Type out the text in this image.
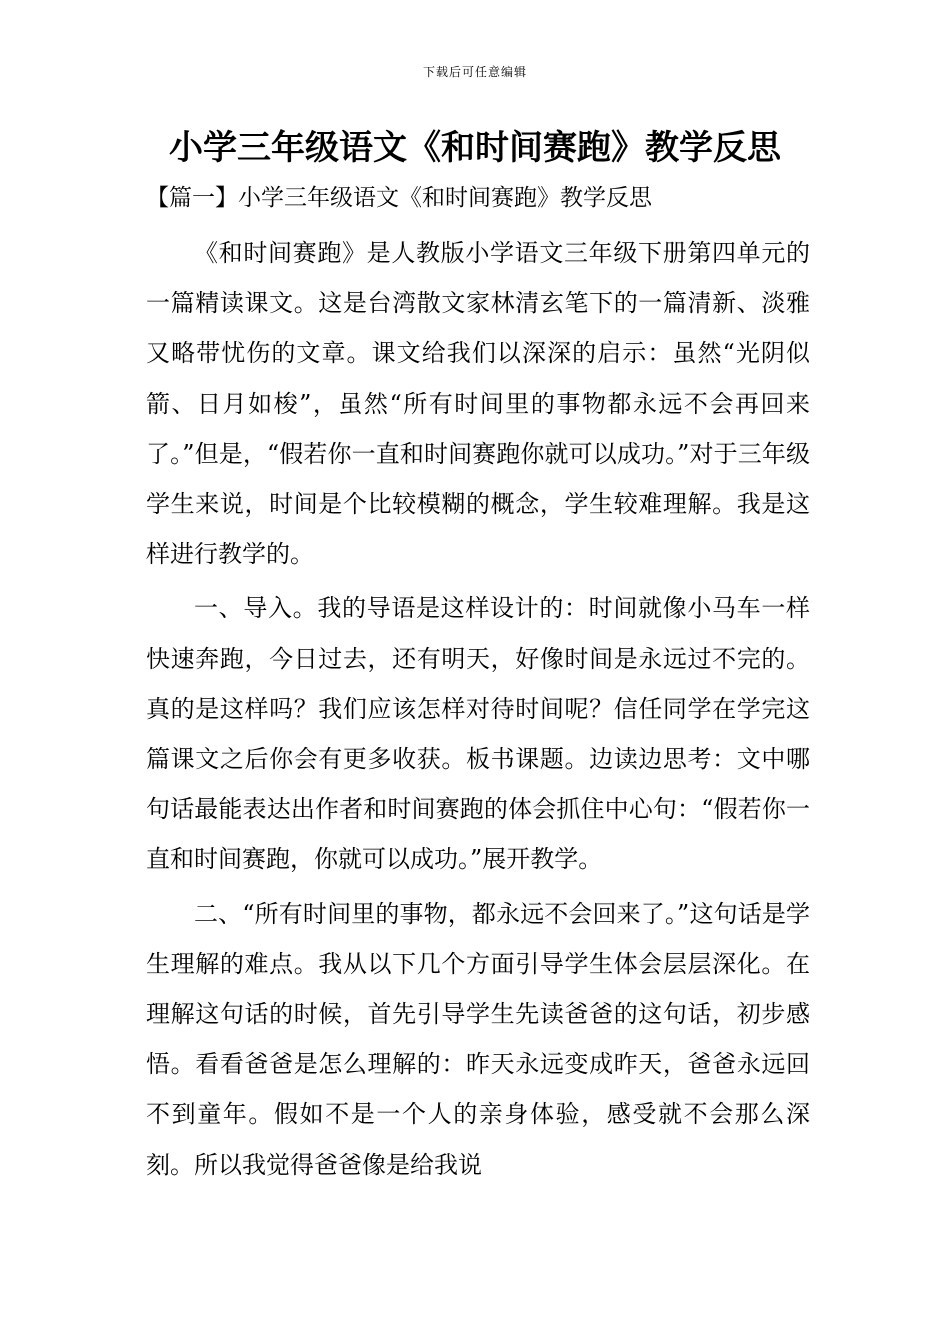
下载后可任意编辑
小学三年级语文《和时间赛跑》教学反思
【篇一】小学三年级语文《和时间赛跑》教学反思

《和时间赛跑》是人教版小学语文三年级下册第四单元的一篇精读课文。这是台湾散文家林清玄笔下的一篇清新、淡雅又略带忧伤的文章。课文给我们以深深的启示：虽然“光阴似箭、日月如梭”，虽然“所有时间里的事物都永远不会再回来了。”但是，“假若你一直和时间赛跑你就可以成功。”对于三年级学生来说，时间是个比较模糊的概念，学生较难理解。我是这样进行教学的。

一、导入。我的导语是这样设计的：时间就像小马车一样快速奔跑，今日过去，还有明天，好像时间是永远过不完的。真的是这样吗？我们应该怎样对待时间呢？信任同学在学完这篇课文之后你会有更多收获。板书课题。边读边思考：文中哪句话最能表达出作者和时间赛跑的体会抓住中心句：“假若你一直和时间赛跑，你就可以成功。”展开教学。

二、“所有时间里的事物，都永远不会回来了。”这句话是学生理解的难点。我从以下几个方面引导学生体会层层深化。在理解这句话的时候，首先引导学生先读爸爸的这句话，初步感悟。看看爸爸是怎么理解的：昨天永远变成昨天，爸爸永远回不到童年。假如不是一个人的亲身体验，感受就不会那么深刻。所以我觉得爸爸像是给我说
